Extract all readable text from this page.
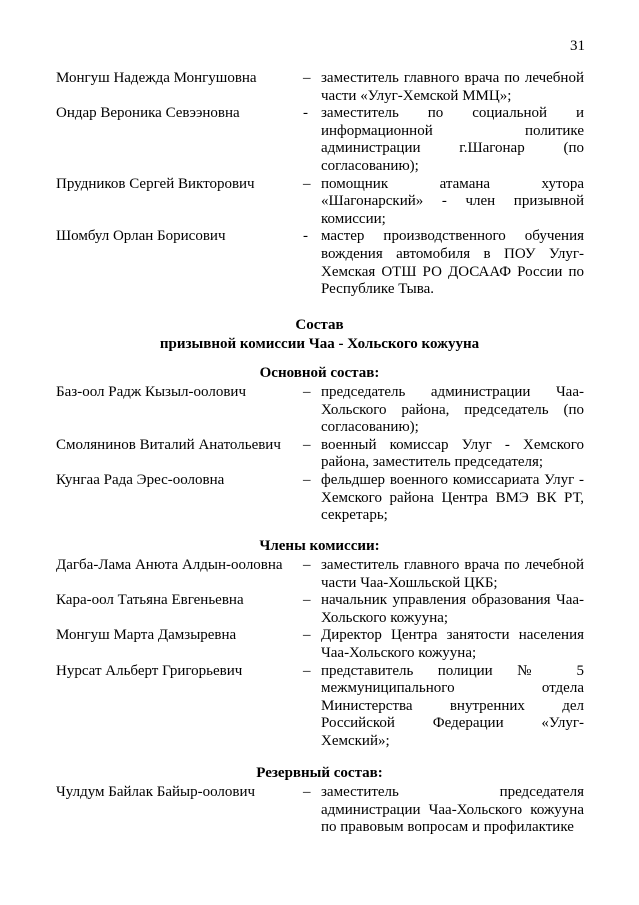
31
Монгуш Надежда Монгушовна	– заместитель главного врача по лечебной части «Улуг-Хемской ММЦ»;
Ондар Вероника Севээновна	- заместитель по социальной и информационной политике администрации г.Шагонар (по согласованию);
Прудников Сергей Викторович	– помощник атамана хутора «Шагонарский» - член призывной комиссии;
Шомбул Орлан Борисович	- мастер производственного обучения вождения автомобиля в ПОУ Улуг-Хемская ОТШ РО ДОСААФ России по Республике Тыва.
Состав
призывной комиссии Чаа - Хольского кожууна
Основной состав:
Баз-оол Радж Кызыл-оолович	– председатель администрации Чаа-Хольского района, председатель (по согласованию);
Смолянинов Виталий Анатольевич	– военный комиссар Улуг - Хемского района, заместитель председателя;
Кунгаа Рада Эрес-ооловна	– фельдшер военного комиссариата Улуг - Хемского района Центра ВМЭ ВК РТ, секретарь;
Члены комиссии:
Дагба-Лама Анюта Алдын-ооловна	– заместитель главного врача по лечебной части Чаа-Хошльской ЦКБ;
Кара-оол Татьяна Евгеньевна	– начальник управления образования Чаа-Хольского кожууна;
Монгуш Марта Дамзыревна	– Директор Центра занятости населения Чаа-Хольского кожууна;
Нурсат Альберт Григорьевич	– представитель полиции № 5 межмуниципального отдела Министерства внутренних дел Российской Федерации «Улуг-Хемский»;
Резервный состав:
Чулдум Байлак Байыр-оолович	– заместитель председателя администрации Чаа-Хольского кожууна по правовым вопросам и профилактике
